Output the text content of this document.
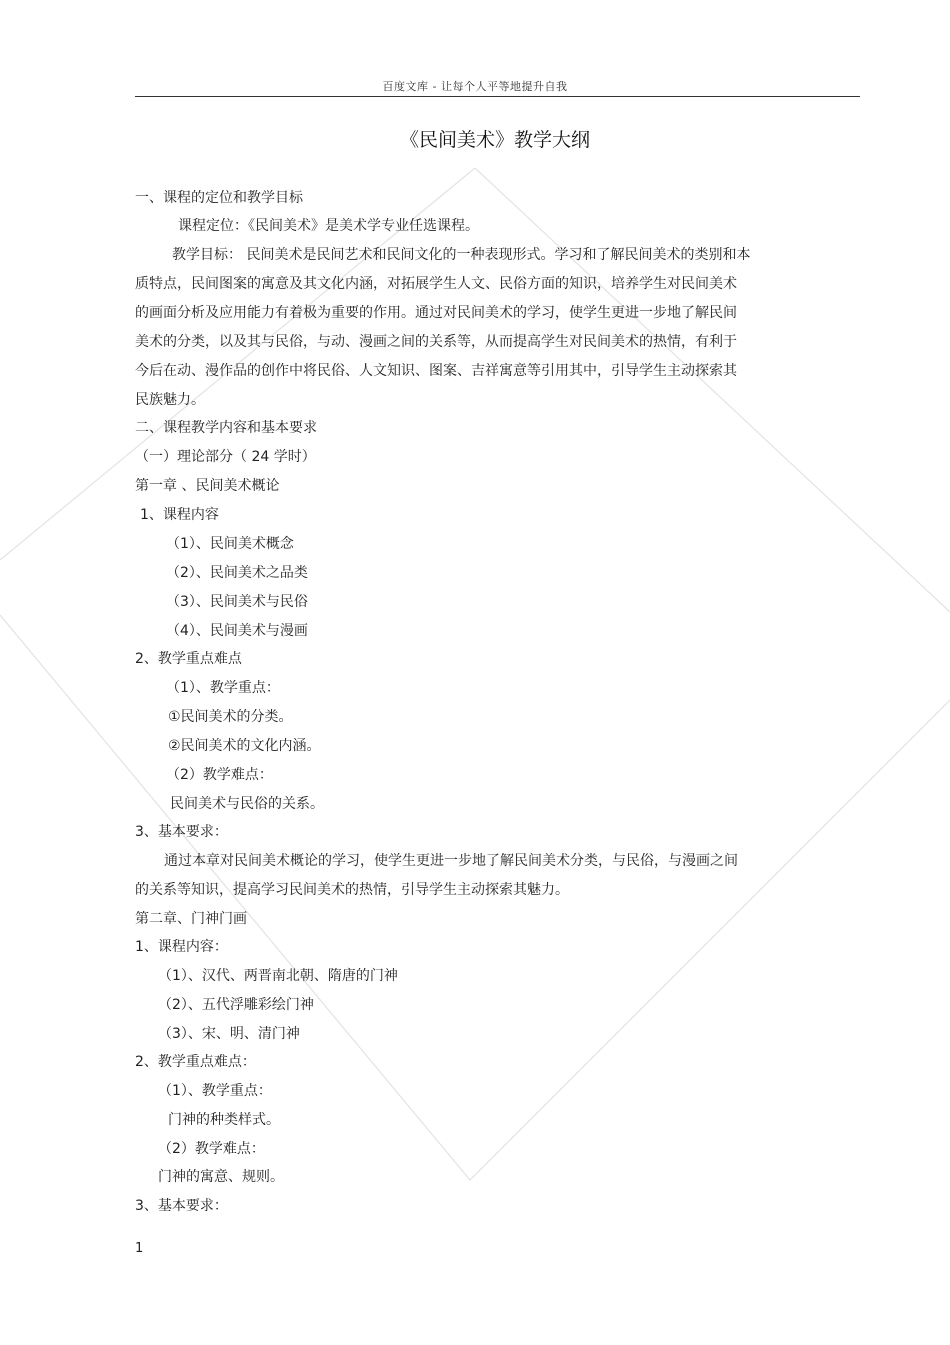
百度文库 - 让每个人平等地提升自我
《民间美术》教学大纲
一、课程的定位和教学目标
课程定位：《民间美术》是美术学专业任选课程。
教学目标： 民间美术是民间艺术和民间文化的一种表现形式。学习和了解民间美术的类别和本
质特点，民间图案的寓意及其文化内涵，对拓展学生人文、民俗方面的知识，培养学生对民间美术
的画面分析及应用能力有着极为重要的作用。通过对民间美术的学习，使学生更进一步地了解民间
美术的分类，以及其与民俗，与动、漫画之间的关系等，从而提高学生对民间美术的热情，有利于
今后在动、漫作品的创作中将民俗、人文知识、图案、吉祥寓意等引用其中，引导学生主动探索其
民族魅力。
二、课程教学内容和基本要求
（一）理论部分（ 24 学时）
第一章 、民间美术概论
1、课程内容
（1）、民间美术概念
（2）、民间美术之品类
（3）、民间美术与民俗
（4）、民间美术与漫画
2、教学重点难点
（1）、教学重点：
①民间美术的分类。
②民间美术的文化内涵。
（2）教学难点：
民间美术与民俗的关系。
3、基本要求：
通过本章对民间美术概论的学习，使学生更进一步地了解民间美术分类，与民俗，与漫画之间
的关系等知识，提高学习民间美术的热情，引导学生主动探索其魅力。
第二章、门神门画
1、课程内容：
（1）、汉代、两晋南北朝、隋唐的门神
（2）、五代浮雕彩绘门神
（3）、宋、明、清门神
2、教学重点难点：
（1）、教学重点：
门神的种类样式。
（2）教学难点：
门神的寓意、规则。
3、基本要求：
1
